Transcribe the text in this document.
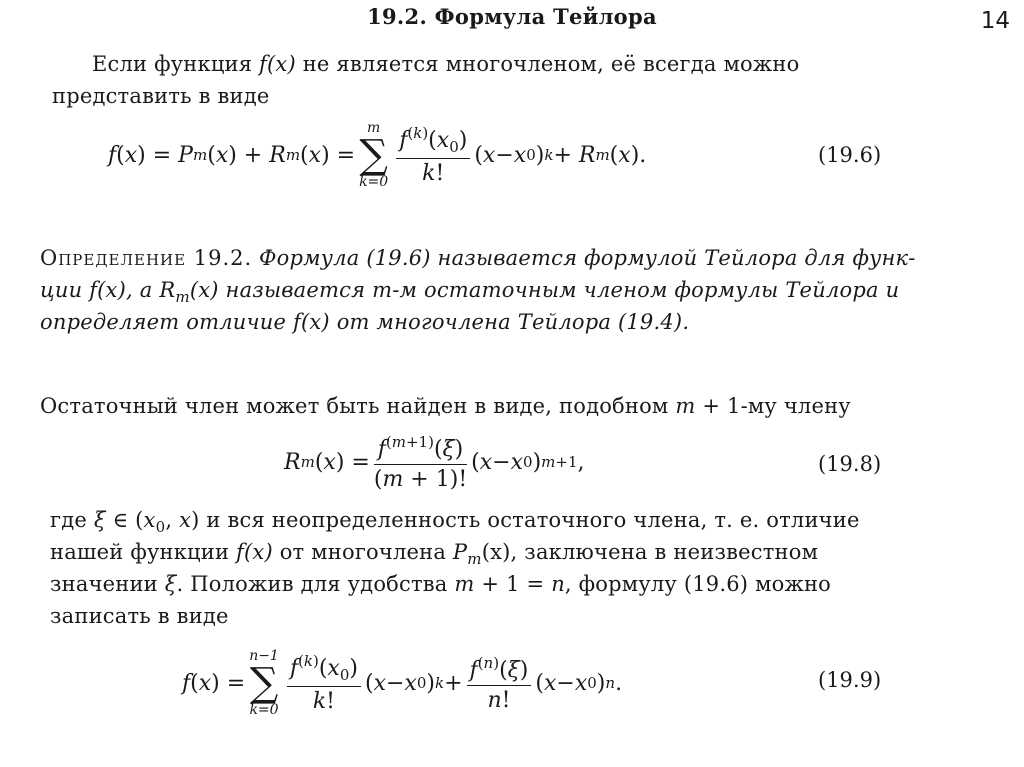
19.2. Формула Тейлора	14
Если функция f(x) не является многочленом, её всегда можно
представить в виде
f ( x ) = P m ( x ) + R m ( x ) =
m
∑
$k=0 \frac{f^{(k)}(x_0)}{k!}$ ( x − x 0 ) k + R m ( x ).	(19.6)
Определение 19.2. Формула (19.6) называется формулой Тейлора для функ-
ции f(x), а $R_m(x)$ называется m-м остаточным членом формулы Тейлора и
определяет отличие f(x) от многочлена Тейлора (19.4).
Остаточный член может быть найден в виде, подобном m + 1-му члену
R m ( x ) = $\frac{f^{(m+1)}(\xi)}{(m + 1)!}$ ( x − x 0 ) m+1 ,	(19.8)
где ξ ∈ ($x_0$, x) и вся неопределенность остаточного члена, т. е. отличие
нашей функции f(x) от многочлена $P_m(x)$, заключена в неизвестном
значении ξ. Положив для удобства m + 1 = n, формулу (19.6) можно
записать в виде
f ( x ) =
n−1
∑
$k=0 \frac{f^{(k)}(x_0)}{k!}$ ( x − x 0 ) $k + \frac{f^{(n)}(\xi)}{n!}$ ( x − x 0 ) n .	(19.9)
